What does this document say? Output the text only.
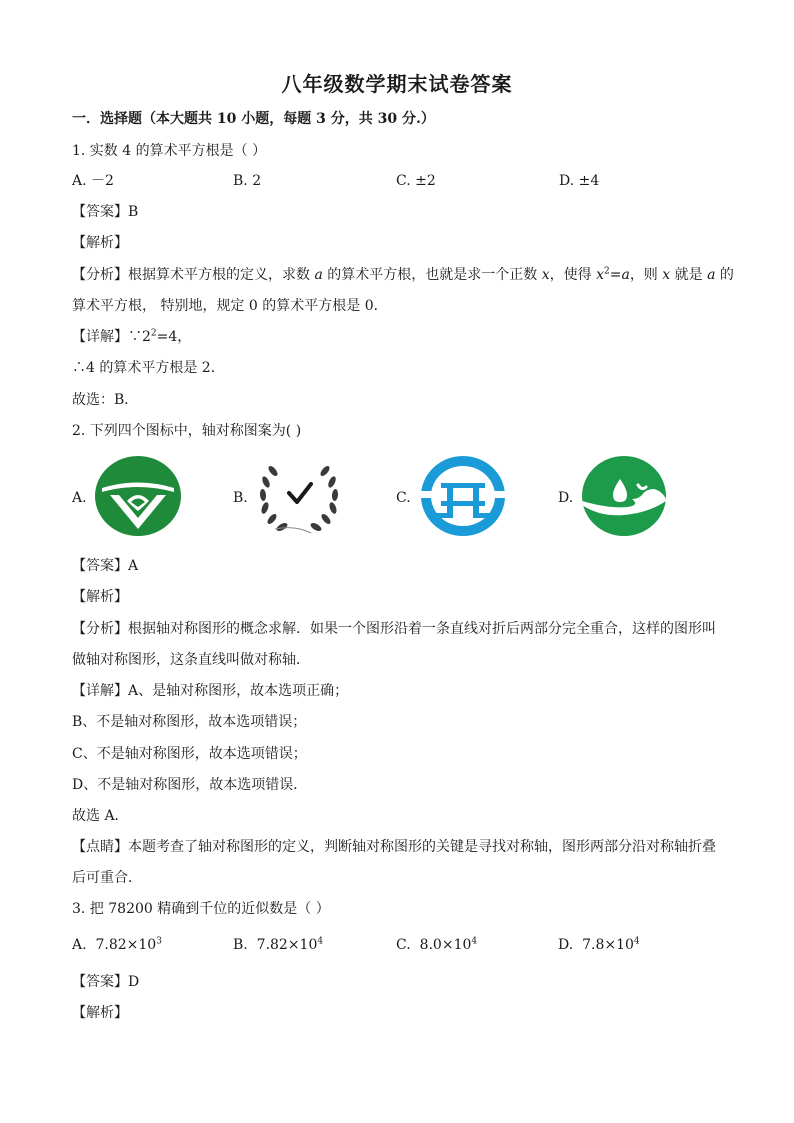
八年级数学期末试卷答案
一．选择题（本大题共 10 小题，每题 3 分，共 30 分.）
1. 实数 4 的算术平方根是（ ）
A. －2	B. 2	C. ±2	D. ±4
【答案】B
【解析】
【分析】根据算术平方根的定义，求数 a 的算术平方根，也就是求一个正数 x，使得 $x^2=a$，则 x 就是 a 的
算术平方根， 特别地，规定 0 的算术平方根是 0．
【详解】$\because 2^2=4$，
∴4 的算术平方根是 2．
故选：B．
2. 下列四个图标中，轴对称图案为( )
A.	B.	C.	D.
【答案】A
【解析】
【分析】根据轴对称图形的概念求解．如果一个图形沿着一条直线对折后两部分完全重合，这样的图形叫
做轴对称图形，这条直线叫做对称轴．
【详解】A、是轴对称图形，故本选项正确；
B、不是轴对称图形，故本选项错误；
C、不是轴对称图形，故本选项错误；
D、不是轴对称图形，故本选项错误．
故选 A．
【点睛】本题考查了轴对称图形的定义，判断轴对称图形的关键是寻找对称轴，图形两部分沿对称轴折叠
后可重合．
3. 把 78200 精确到千位的近似数是（ ）
A. $7.82\times 10^3$	B. $7.82\times 10^4$	C. $8.0\times 10^4$	D. $7.8\times 10^4$
【答案】D
【解析】
